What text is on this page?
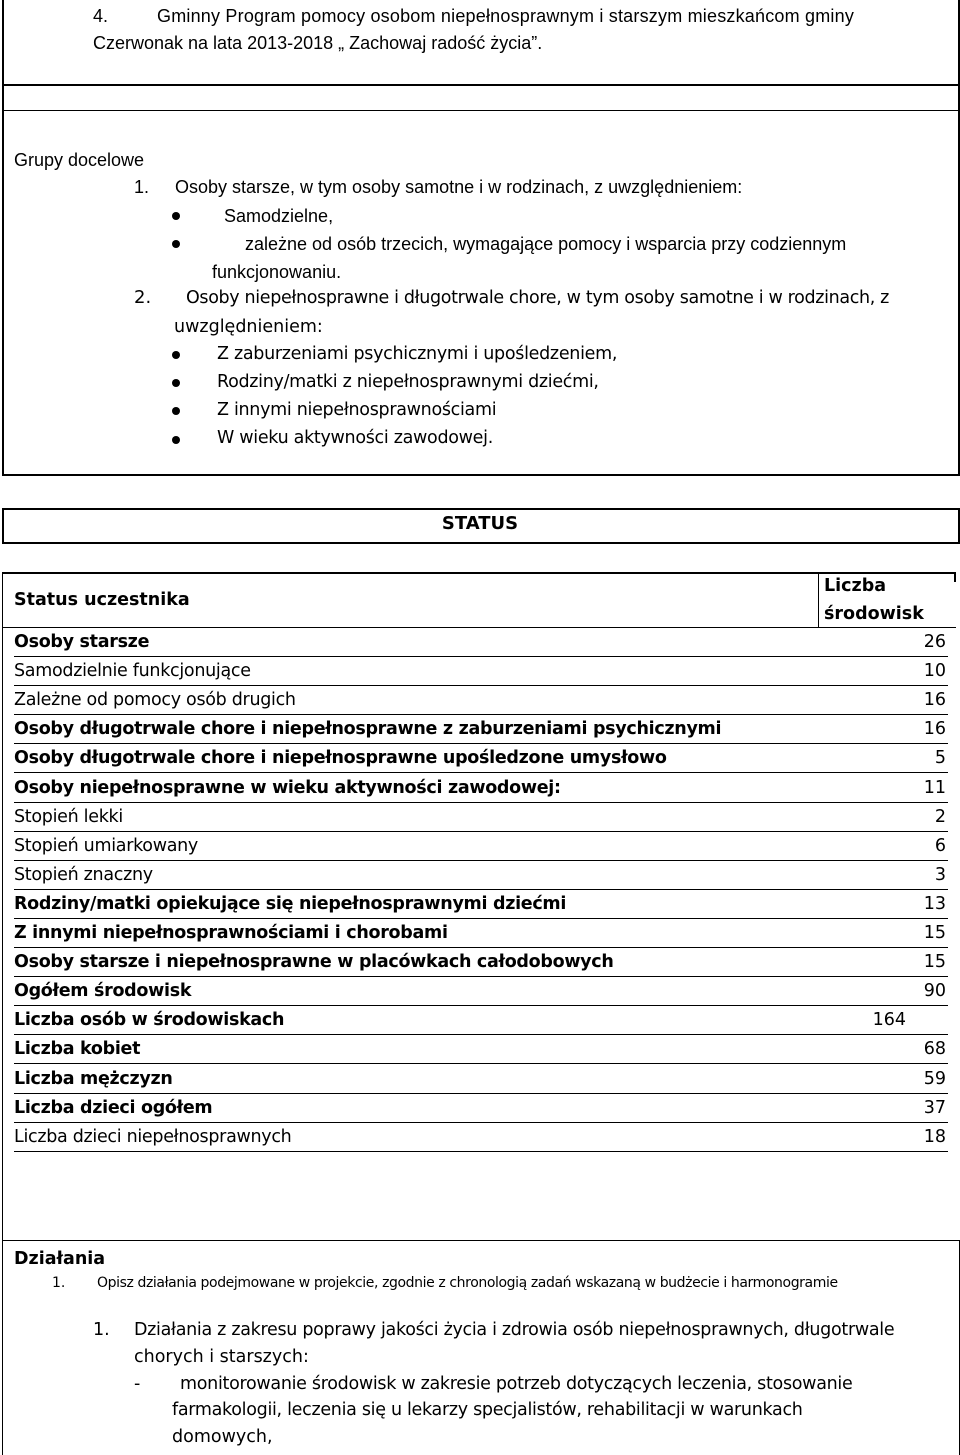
4.	Gminny Program pomocy osobom niepełnosprawnym i starszym mieszkańcom gminy
Czerwonak na lata 2013-2018 „ Zachowaj radość życia”.
Grupy docelowe
1. Osoby starsze, w tym osoby samotne i w rodzinach, z uwzględnieniem:
Samodzielne,
zależne od osób trzecich, wymagające pomocy i wsparcia przy codziennym
funkcjonowaniu.
2. Osoby niepełnosprawne i długotrwale chore, w tym osoby samotne i w rodzinach, z
uwzględnieniem:
Z zaburzeniami psychicznymi i upośledzeniem,
Rodziny/matki z niepełnosprawnymi dziećmi,
Z innymi niepełnosprawnościami
W wieku aktywności zawodowej.
STATUS
Status uczestnika
Liczba
środowisk
Osoby starsze	26
Samodzielnie funkcjonujące	10
Zależne od pomocy osób drugich	16
Osoby długotrwale chore i niepełnosprawne z zaburzeniami psychicznymi	16
Osoby długotrwale chore i niepełnosprawne upośledzone umysłowo	5
Osoby niepełnosprawne w wieku aktywności zawodowej:	11
Stopień lekki	2
Stopień umiarkowany	6
Stopień znaczny	3
Rodziny/matki opiekujące się niepełnosprawnymi dziećmi	13
Z innymi niepełnosprawnościami i chorobami	15
Osoby starsze i niepełnosprawne w placówkach całodobowych	15
Ogółem środowisk	90
Liczba osób w środowiskach	164
Liczba kobiet	68
Liczba mężczyzn	59
Liczba dzieci ogółem	37
Liczba dzieci niepełnosprawnych	18
Działania
1. Opisz działania podejmowane w projekcie, zgodnie z chronologią zadań wskazaną w budżecie i harmonogramie
1. Działania z zakresu poprawy jakości życia i zdrowia osób niepełnosprawnych, długotrwale
chorych i starszych:
- monitorowanie środowisk w zakresie potrzeb dotyczących leczenia, stosowanie
farmakologii, leczenia się u lekarzy specjalistów, rehabilitacji w warunkach
domowych,
